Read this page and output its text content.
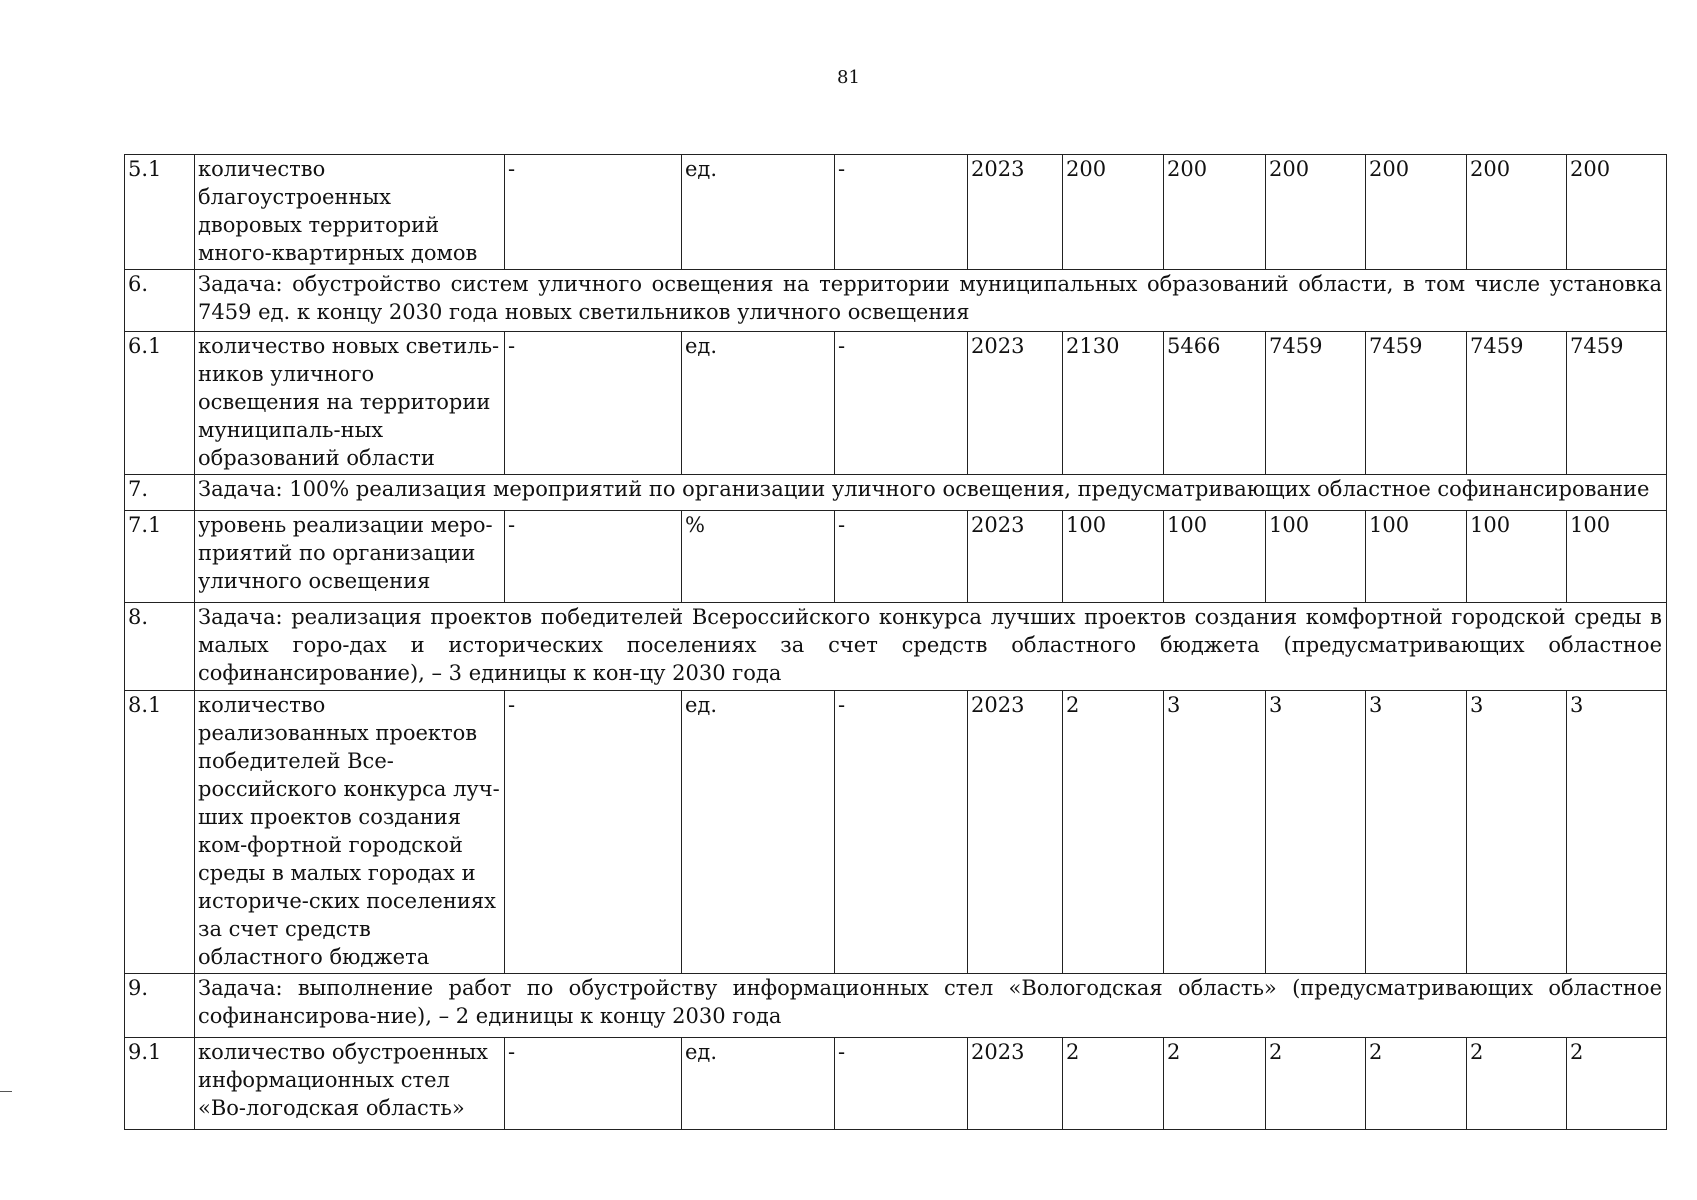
81
5.1	количество благоустроенных дворовых территорий много-квартирных домов	-	ед.	-	2023	200	200	200	200	200	200
6.	Задача: обустройство систем уличного освещения на территории муниципальных образований области, в том числе установка 7459 ед. к концу 2030 года новых светильников уличного освещения										
6.1	количество новых светиль-ников уличного освещения на территории муниципаль-ных образований области	-	ед.	-	2023	2130	5466	7459	7459	7459	7459
7.	Задача: 100% реализация мероприятий по организации уличного освещения, предусматривающих областное софинансирование										
7.1	уровень реализации меро-приятий по организации уличного освещения	-	%	-	2023	100	100	100	100	100	100
8.	Задача: реализация проектов победителей Всероссийского конкурса лучших проектов создания комфортной городской среды в малых горо-дах и исторических поселениях за счет средств областного бюджета (предусматривающих областное софинансирование), – 3 единицы к кон-цу 2030 года										
8.1	количество реализованных проектов победителей Все-российского конкурса луч-ших проектов создания ком-фортной городской среды в малых городах и историче-ских поселениях за счет средств областного бюджета	-	ед.	-	2023	2	3	3	3	3	3
9.	Задача: выполнение работ по обустройству информационных стел «Вологодская область» (предусматривающих областное софинансирова-ние), – 2 единицы к концу 2030 года										
9.1	количество обустроенных информационных стел «Во-логодская область»	-	ед.	-	2023	2	2	2	2	2	2
